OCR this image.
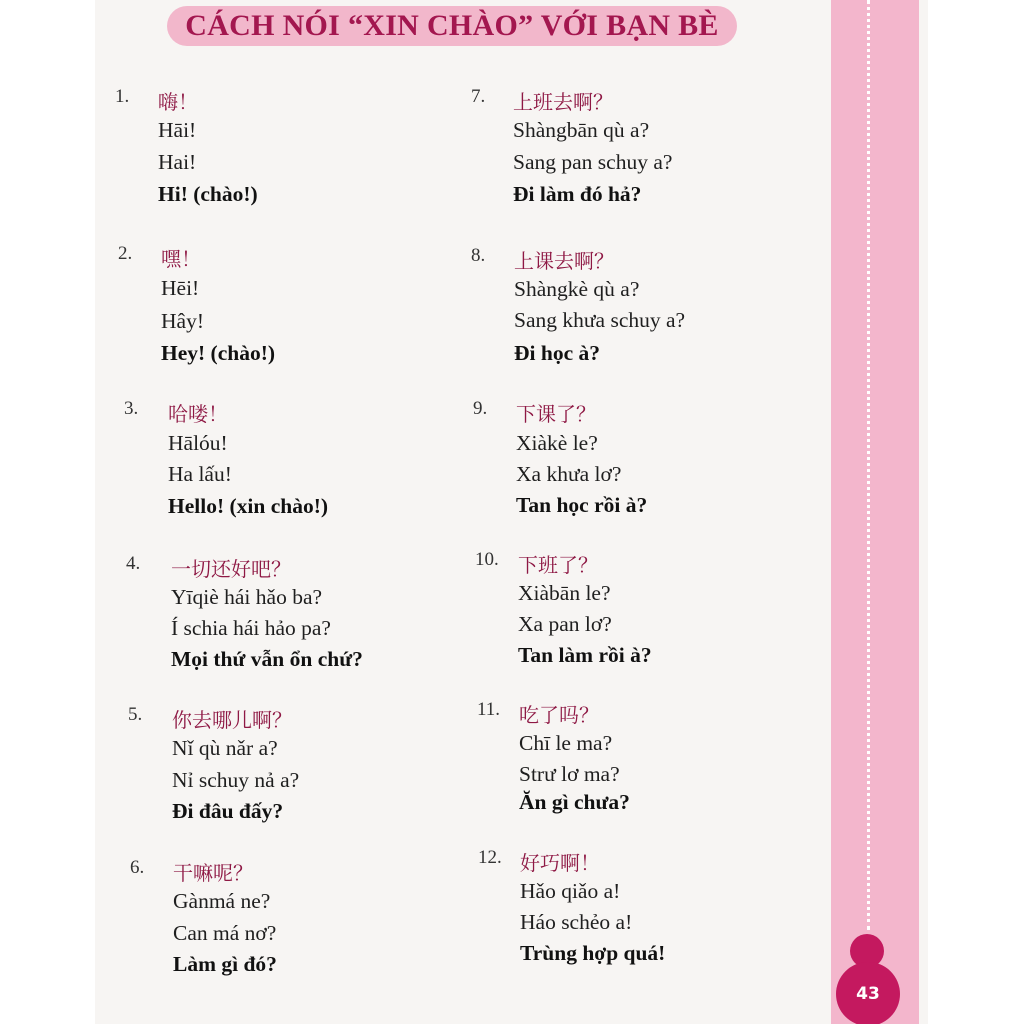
CÁCH NÓI “XIN CHÀO” VỚI BẠN BÈ
1. 嗨！
Hāi!
Hai!
Hi! (chào!)
2. 嘿！
Hēi!
Hây!
Hey! (chào!)
3. 哈喽！
Hālóu!
Ha lấu!
Hello! (xin chào!)
4. 一切还好吧？
Yīqiè hái hǎo ba?
Í schia hái hảo pa?
Mọi thứ vẫn ổn chứ?
5. 你去哪儿啊？
Nǐ qù nǎr a?
Nỉ schuy nả a?
Đi đâu đấy?
6. 干嘛呢？
Gànmá ne?
Can má nơ?
Làm gì đó?
7. 上班去啊？
Shàngbān qù a?
Sang pan schuy a?
Đi làm đó hả?
8. 上课去啊？
Shàngkè qù a?
Sang khưa schuy a?
Đi học à?
9. 下课了？
Xiàkè le?
Xa khưa lơ?
Tan học rồi à?
10. 下班了？
Xiàbān le?
Xa pan lơ?
Tan làm rồi à?
11. 吃了吗？
Chī le ma?
Strư lơ ma?
Ăn gì chưa?
12. 好巧啊！
Hǎo qiǎo a!
Háo schẻo a!
Trùng hợp quá!
43
